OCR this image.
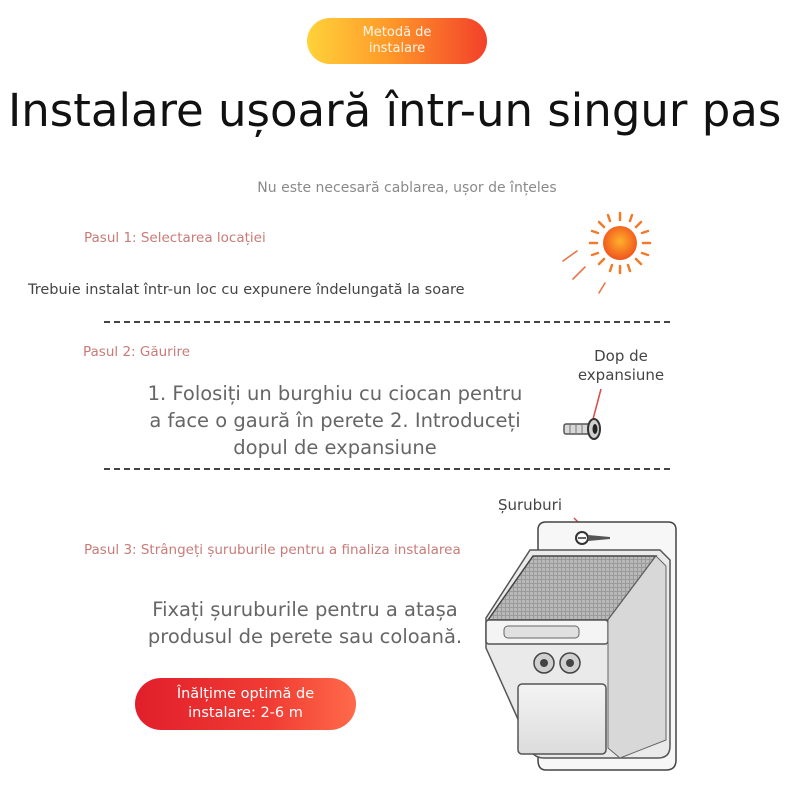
Metodă de
instalare
Instalare ușoară într-un singur pas
Nu este necesară cablarea, ușor de înțeles
Pasul 1: Selectarea locației
Trebuie instalat într-un loc cu expunere îndelungată la soare
Pasul 2: Găurire
1. Folosiți un burghiu cu ciocan pentru
a face o gaură în perete 2. Introduceți
dopul de expansiune
Dop de
expansiune
Pasul 3: Strângeți șuruburile pentru a finaliza instalarea
Fixați șuruburile pentru a atașa
produsul de perete sau coloană.
Șuruburi
Înălțime optimă de
instalare: 2-6 m
